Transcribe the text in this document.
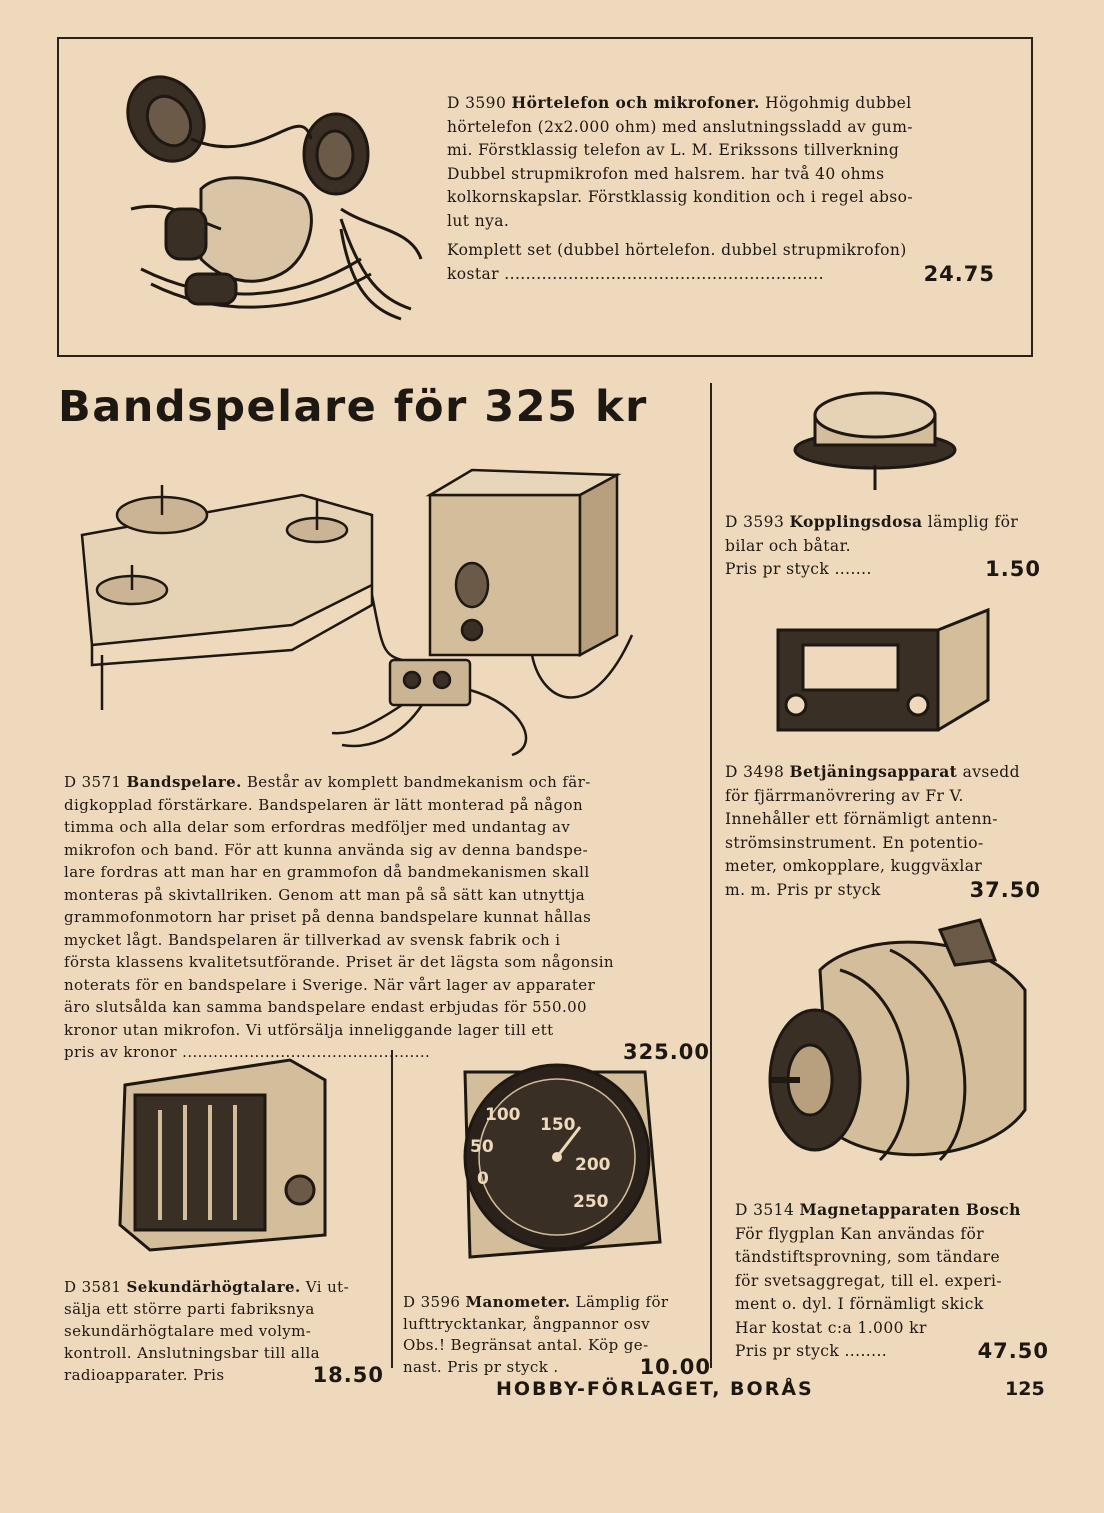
D 3590 Hörtelefon och mikrofoner. Högohmig dubbel
hörtelefon (2x2.000 ohm) med anslutningssladd av gum-
mi. Förstklassig telefon av L. M. Erikssons tillverkning
Dubbel strupmikrofon med halsrem. har två 40 ohms
kolkornskapslar. Förstklassig kondition och i regel abso-
lut nya.
Komplett set (dubbel hörtelefon. dubbel strupmikrofon)
24.75
kostar ............................................................
Bandspelare för 325 kr
D 3571 Bandspelare. Består av komplett bandmekanism och fär-
digkopplad förstärkare. Bandspelaren är lätt monterad på någon
timma och alla delar som erfordras medföljer med undantag av
mikrofon och band. För att kunna använda sig av denna bandspe-
lare fordras att man har en grammofon då bandmekanismen skall
monteras på skivtallriken. Genom att man på så sätt kan utnyttja
grammofonmotorn har priset på denna bandspelare kunnat hållas
mycket lågt. Bandspelaren är tillverkad av svensk fabrik och i
första klassens kvalitetsutförande. Priset är det lägsta som någonsin
noterats för en bandspelare i Sverige. När vårt lager av apparater
äro slutsålda kan samma bandspelare endast erbjudas för 550.00
kronor utan mikrofon. Vi utförsälja inneliggande lager till ett
325.00
pris av kronor ................................................
D 3581 Sekundärhögtalare. Vi ut-
sälja ett större parti fabriksnya
sekundärhögtalare med volym-
kontroll. Anslutningsbar till alla
18.50
radioapparater. Pris
100 150
50
200
0
250
D 3596 Manometer. Lämplig för
lufttrycktankar, ångpannor osv
Obs.! Begränsat antal. Köp ge-
10.00
nast. Pris pr styck .
D 3593 Kopplingsdosa lämplig för
bilar och båtar.
1.50
Pris pr styck .......
D 3498 Betjäningsapparat avsedd
för fjärrmanövrering av Fr V.
Innehåller ett förnämligt antenn-
strömsinstrument. En potentio-
meter, omkopplare, kuggväxlar
37.50
m. m. Pris pr styck
D 3514 Magnetapparaten Bosch
För flygplan Kan användas för
tändstiftsprovning, som tändare
för svetsaggregat, till el. experi-
ment o. dyl. I förnämligt skick
Har kostat c:a 1.000 kr
47.50
Pris pr styck ........
HOBBY-FÖRLAGET, BORÅS	125
